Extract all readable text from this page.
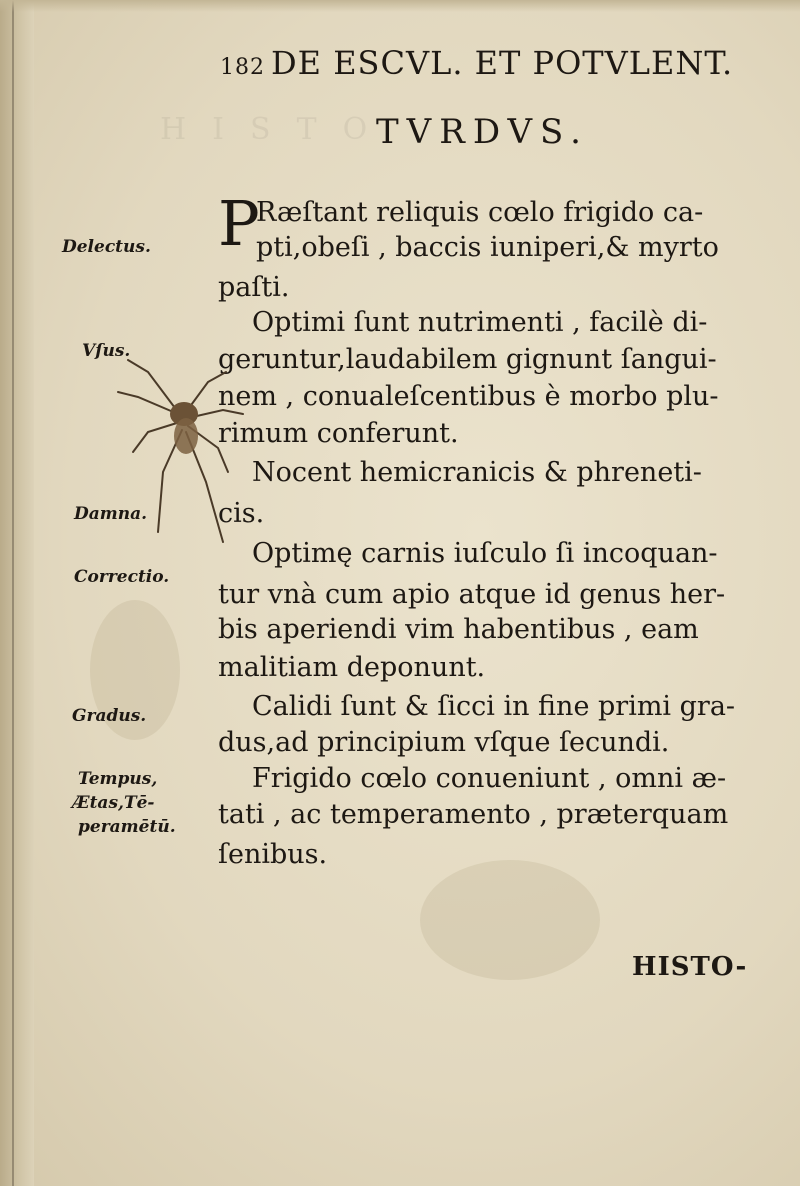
HISTO
182 DE ESCVL. ET POTVLENT.
TVRDVS.
P
Ræſtant reliquis cœlo frigido ca-
pti,obeſi , baccis iuniperi,& myrto
paſti.
Optimi ſunt nutrimenti , facilè di-
geruntur,laudabilem gignunt ſangui-
nem , conualeſcentibus è morbo plu-
rimum conferunt.
Nocent hemicranicis & phreneti-
cis.
Optimę carnis iuſculo ſi incoquan-
tur vnà cum apio atque id genus her-
bis aperiendi vim habentibus , eam
malitiam deponunt.
Calidi ſunt & ſicci in fine primi gra-
dus,ad principium vſque ſecundi.
Frigido cœlo conueniunt , omni æ-
tati , ac temperamento , præterquam
ſenibus.
Delectus.
Vſus.
Damna.
Correctio.
Gradus.
Tempus,
Ætas,Tē-
peramētū.
HISTO-
